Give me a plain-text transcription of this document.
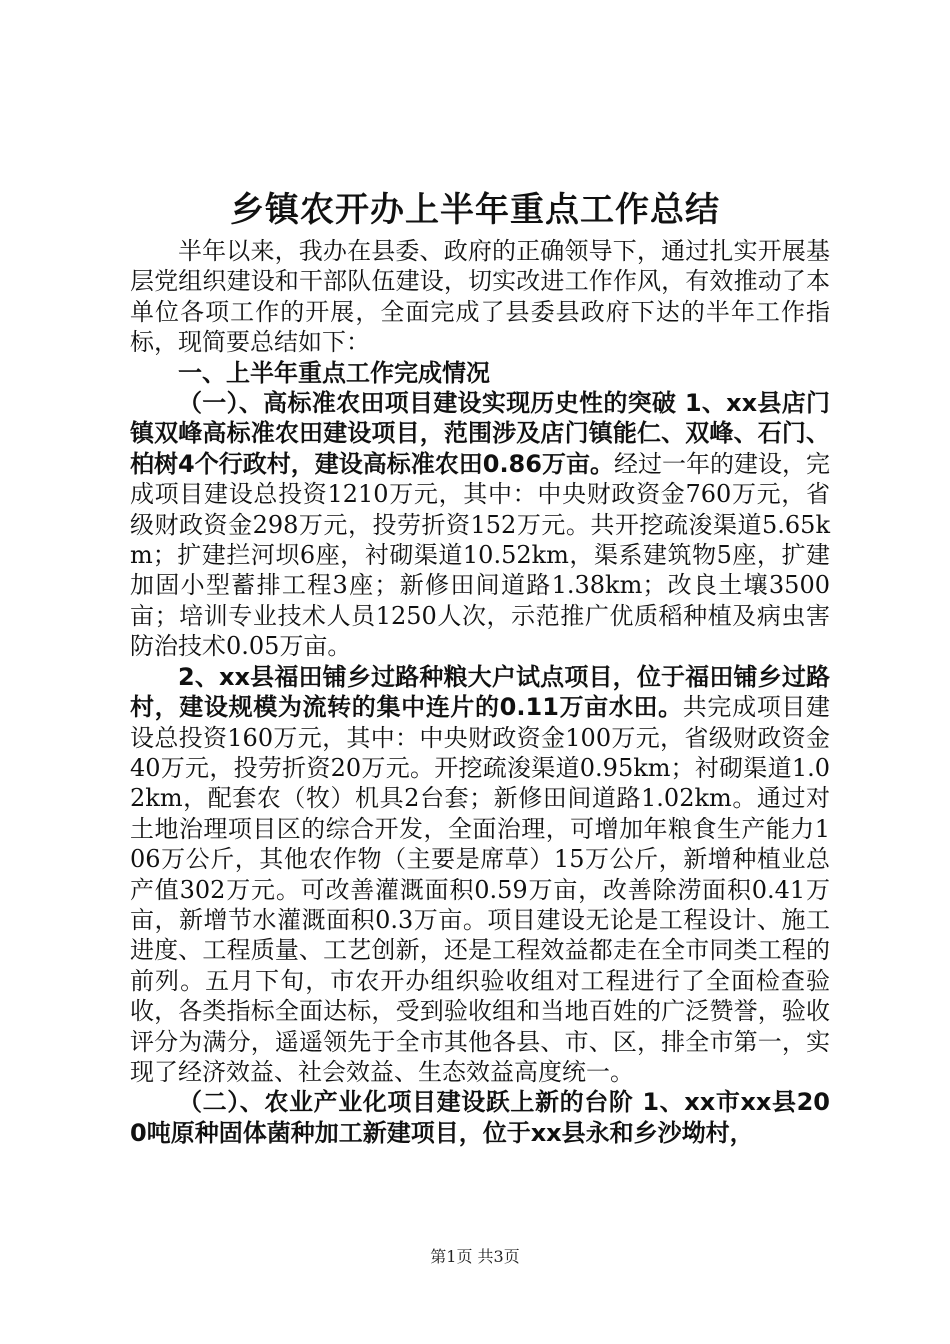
乡镇农开办上半年重点工作总结

半年以来，我办在县委、政府的正确领导下，通过扎实开展基层党组织建设和干部队伍建设，切实改进工作作风，有效推动了本单位各项工作的开展，全面完成了县委县政府下达的半年工作指标，现简要总结如下：

一、上半年重点工作完成情况

（一）、高标准农田项目建设实现历史性的突破 1、xx县店门镇双峰高标准农田建设项目，范围涉及店门镇能仁、双峰、石门、柏树4个行政村，建设高标准农田0.86万亩。经过一年的建设，完成项目建设总投资1210万元，其中：中央财政资金760万元，省级财政资金298万元，投劳折资152万元。共开挖疏浚渠道5.65km；扩建拦河坝6座，衬砌渠道10.52km，渠系建筑物5座，扩建加固小型蓄排工程3座；新修田间道路1.38km；改良土壤3500亩；培训专业技术人员1250人次，示范推广优质稻种植及病虫害防治技术0.05万亩。

2、xx县福田铺乡过路种粮大户试点项目，位于福田铺乡过路村，建设规模为流转的集中连片的0.11万亩水田。共完成项目建设总投资160万元，其中：中央财政资金100万元，省级财政资金40万元，投劳折资20万元。开挖疏浚渠道0.95km；衬砌渠道1.02km，配套农（牧）机具2台套；新修田间道路1.02km。通过对土地治理项目区的综合开发，全面治理，可增加年粮食生产能力106万公斤，其他农作物（主要是席草）15万公斤，新增种植业总产值302万元。可改善灌溉面积0.59万亩，改善除涝面积0.41万亩，新增节水灌溉面积0.3万亩。项目建设无论是工程设计、施工进度、工程质量、工艺创新，还是工程效益都走在全市同类工程的前列。五月下旬，市农开办组织验收组对工程进行了全面检查验收，各类指标全面达标，受到验收组和当地百姓的广泛赞誉，验收评分为满分，遥遥领先于全市其他各县、市、区，排全市第一，实现了经济效益、社会效益、生态效益高度统一。

（二）、农业产业化项目建设跃上新的台阶 1、xx市xx县200吨原种固体菌种加工新建项目，位于xx县永和乡沙坳村，

第1页 共3页
